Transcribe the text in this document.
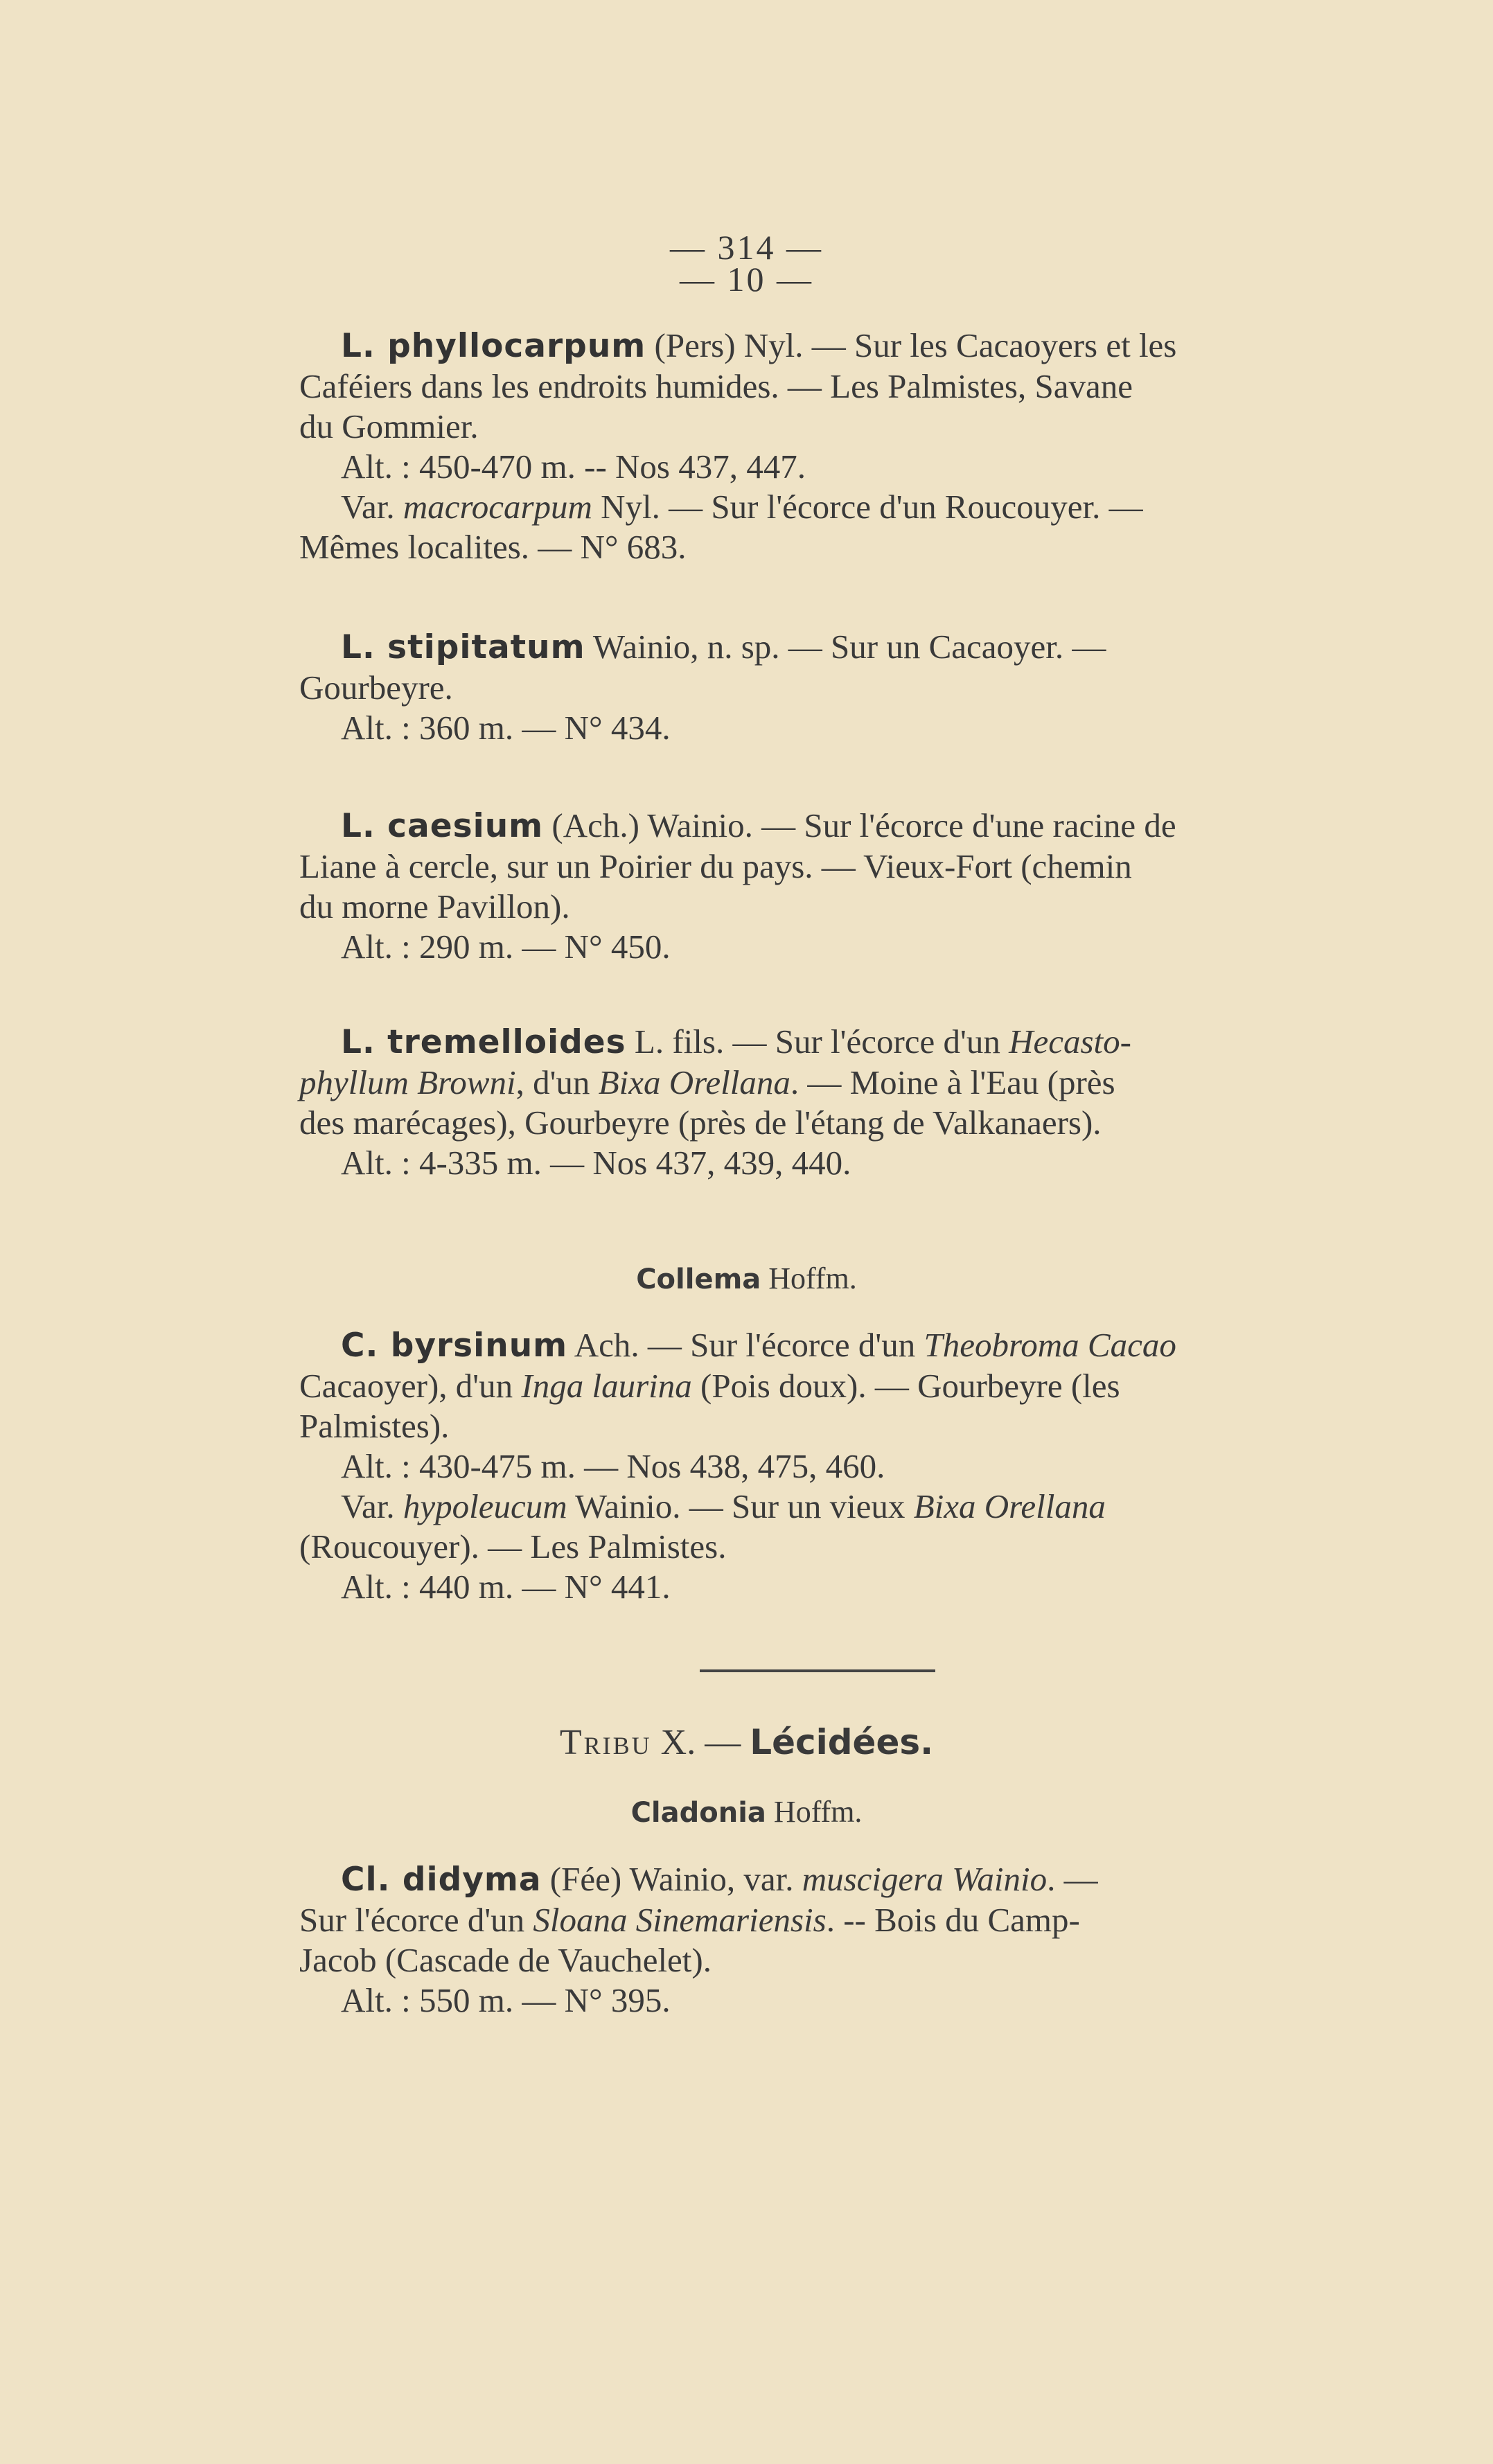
— 314 —
— 10 —
L. phyllocarpum (Pers) Nyl. — Sur les Cacaoyers et les
Caféiers dans les endroits humides. — Les Palmistes, Savane
du Gommier.
Alt. : 450-470 m. -- Nos 437, 447.
Var. macrocarpum Nyl. — Sur l'écorce d'un Roucouyer. —
Mêmes localites. — N° 683.
L. stipitatum Wainio, n. sp. — Sur un Cacaoyer. —
Gourbeyre.
Alt. : 360 m. — N° 434.
L. caesium (Ach.) Wainio. — Sur l'écorce d'une racine de
Liane à cercle, sur un Poirier du pays. — Vieux-Fort (chemin
du morne Pavillon).
Alt. : 290 m. — N° 450.
L. tremelloides L. fils. — Sur l'écorce d'un Hecasto-
phyllum Browni, d'un Bixa Orellana. — Moine à l'Eau (près
des marécages), Gourbeyre (près de l'étang de Valkanaers).
Alt. : 4-335 m. — Nos 437, 439, 440.
Collema Hoffm.
C. byrsinum Ach. — Sur l'écorce d'un Theobroma Cacao
Cacaoyer), d'un Inga laurina (Pois doux). — Gourbeyre (les
Palmistes).
Alt. : 430-475 m. — Nos 438, 475, 460.
Var. hypoleucum Wainio. — Sur un vieux Bixa Orellana
(Roucouyer). — Les Palmistes.
Alt. : 440 m. — N° 441.
Tribu X. — Lécidées.
Cladonia Hoffm.
Cl. didyma (Fée) Wainio, var. muscigera Wainio. —
Sur l'écorce d'un Sloana Sinemariensis. -- Bois du Camp-
Jacob (Cascade de Vauchelet).
Alt. : 550 m. — N° 395.
